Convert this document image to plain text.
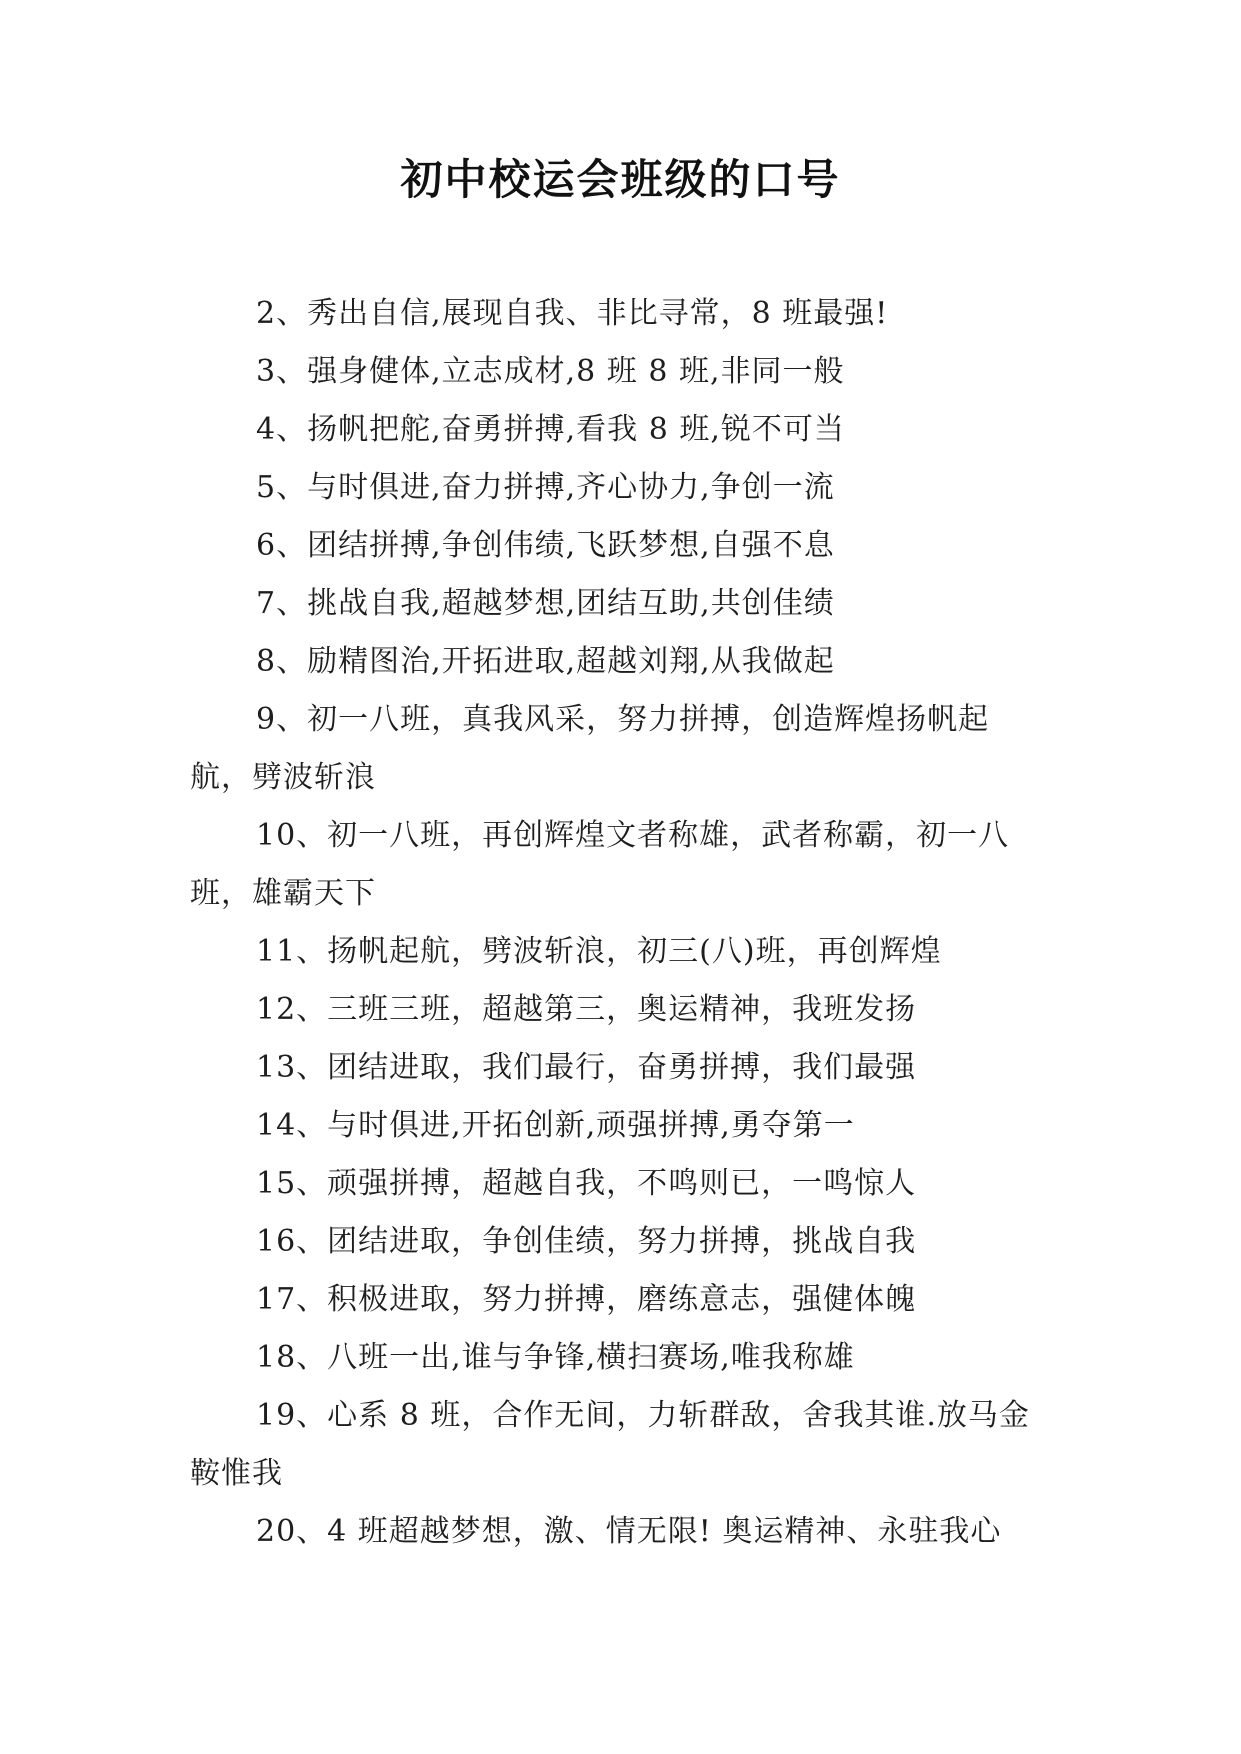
初中校运会班级的口号

2、秀出自信,展现自我、非比寻常，8 班最强!

3、强身健体,立志成材,8 班 8 班,非同一般

4、扬帆把舵,奋勇拼搏,看我 8 班,锐不可当

5、与时俱进,奋力拼搏,齐心协力,争创一流

6、团结拼搏,争创伟绩,飞跃梦想,自强不息

7、挑战自我,超越梦想,团结互助,共创佳绩

8、励精图治,开拓进取,超越刘翔,从我做起

9、初一八班，真我风采，努力拼搏，创造辉煌扬帆起航，劈波斩浪

10、初一八班，再创辉煌文者称雄，武者称霸，初一八班，雄霸天下

11、扬帆起航，劈波斩浪，初三(八)班，再创辉煌

12、三班三班，超越第三，奥运精神，我班发扬

13、团结进取，我们最行，奋勇拼搏，我们最强

14、与时俱进,开拓创新,顽强拼搏,勇夺第一

15、顽强拼搏，超越自我，不鸣则已，一鸣惊人

16、团结进取，争创佳绩，努力拼搏，挑战自我

17、积极进取，努力拼搏，磨练意志，强健体魄

18、八班一出,谁与争锋,横扫赛场,唯我称雄

19、心系 8 班，合作无间，力斩群敌，舍我其谁.放马金鞍惟我

20、4 班超越梦想，激、情无限! 奥运精神、永驻我心
